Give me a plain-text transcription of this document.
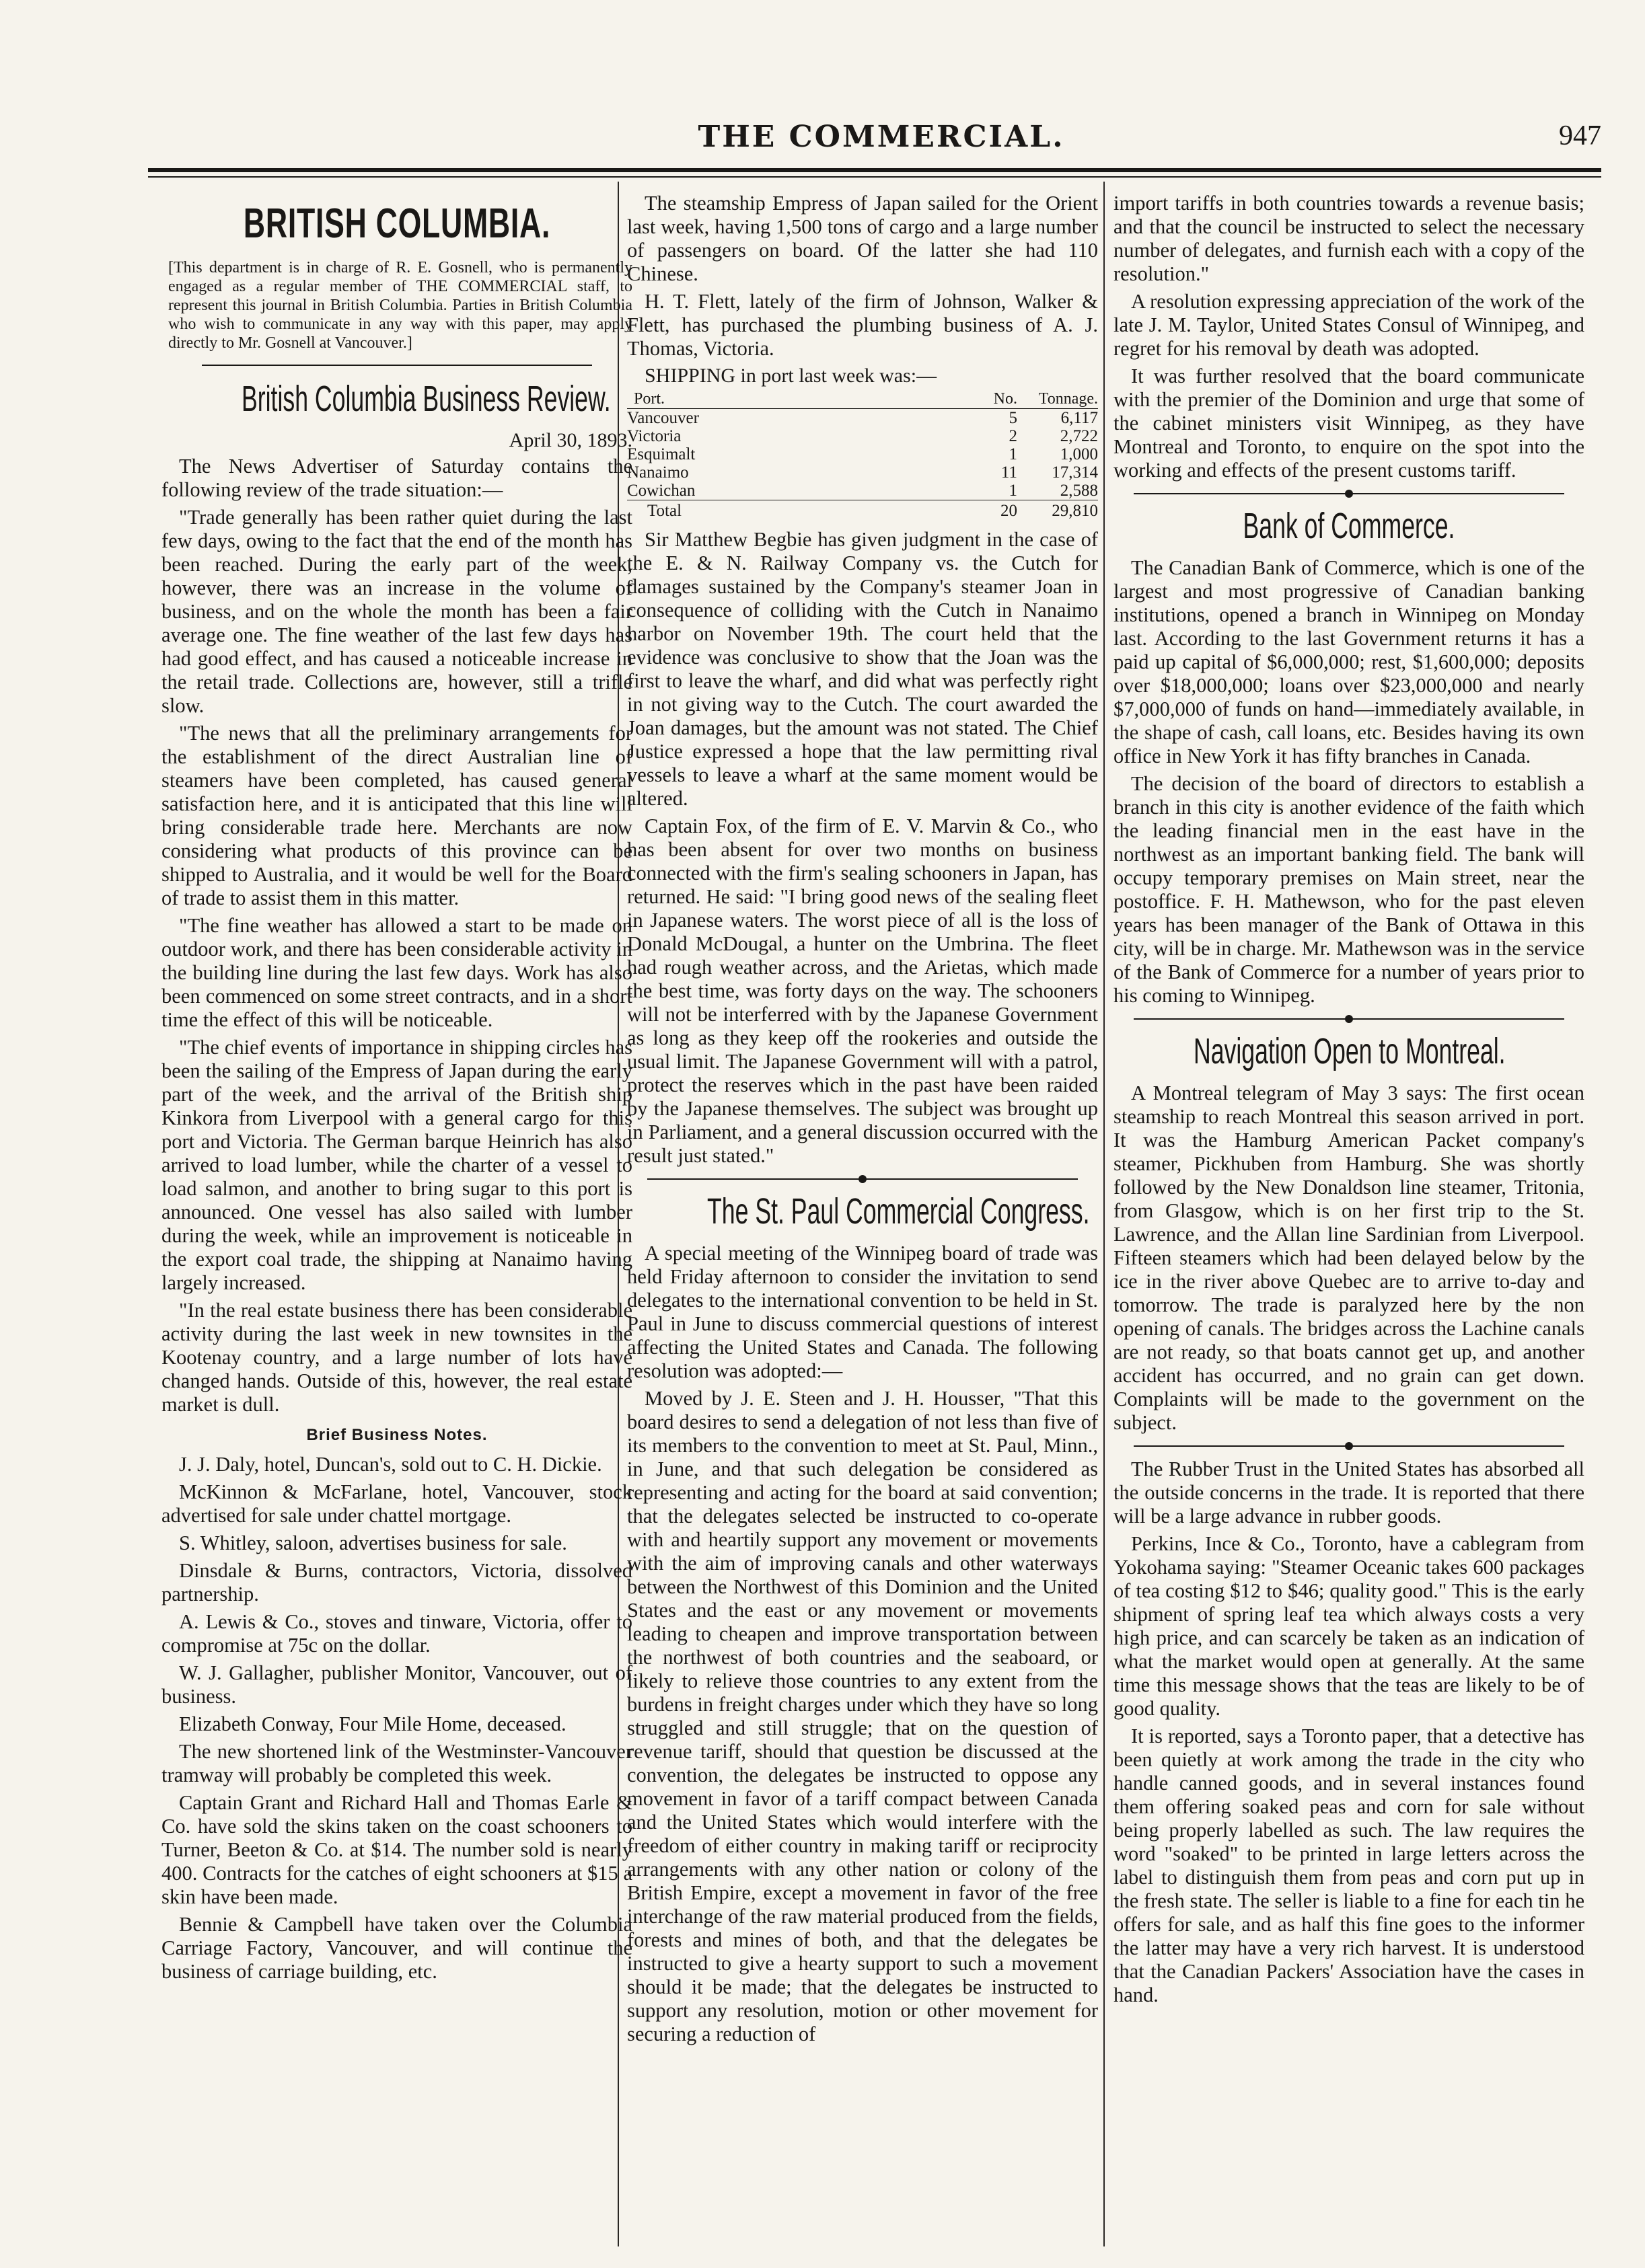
THE COMMERCIAL.	947
BRITISH COLUMBIA.
[This department is in charge of R. E. Gosnell, who is permanently engaged as a regular member of THE COMMERCIAL staff, to represent this journal in British Columbia. Parties in British Columbia who wish to communicate in any way with this paper, may apply directly to Mr. Gosnell at Vancouver.]
British Columbia Business Review.
April 30, 1893.

The News Advertiser of Saturday contains the following review of the trade situation:—

"Trade generally has been rather quiet during the last few days, owing to the fact that the end of the month has been reached. During the early part of the week, however, there was an increase in the volume of business, and on the whole the month has been a fair average one. The fine weather of the last few days has had good effect, and has caused a noticeable increase in the retail trade. Collections are, however, still a trifle slow.

"The news that all the preliminary arrangements for the establishment of the direct Australian line of steamers have been completed, has caused general satisfaction here, and it is anticipated that this line will bring considerable trade here. Merchants are now considering what products of this province can be shipped to Australia, and it would be well for the Board of trade to assist them in this matter.

"The fine weather has allowed a start to be made on outdoor work, and there has been considerable activity in the building line during the last few days. Work has also been commenced on some street contracts, and in a short time the effect of this will be noticeable.

"The chief events of importance in shipping circles has been the sailing of the Empress of Japan during the early part of the week, and the arrival of the British ship Kinkora from Liverpool with a general cargo for this port and Victoria. The German barque Heinrich has also arrived to load lumber, while the charter of a vessel to load salmon, and another to bring sugar to this port is announced. One vessel has also sailed with lumber during the week, while an improvement is noticeable in the export coal trade, the shipping at Nanaimo having largely increased.

"In the real estate business there has been considerable activity during the last week in new townsites in the Kootenay country, and a large number of lots have changed hands. Outside of this, however, the real estate market is dull.

Brief Business Notes.

J. J. Daly, hotel, Duncan's, sold out to C. H. Dickie.

McKinnon & McFarlane, hotel, Vancouver, stock advertised for sale under chattel mortgage.

S. Whitley, saloon, advertises business for sale.

Dinsdale & Burns, contractors, Victoria, dissolved partnership.

A. Lewis & Co., stoves and tinware, Victoria, offer to compromise at 75c on the dollar.

W. J. Gallagher, publisher Monitor, Vancouver, out of business.

Elizabeth Conway, Four Mile Home, deceased.

The new shortened link of the Westminster-Vancouver tramway will probably be completed this week.

Captain Grant and Richard Hall and Thomas Earle & Co. have sold the skins taken on the coast schooners to Turner, Beeton & Co. at $14. The number sold is nearly 400. Contracts for the catches of eight schooners at $15 a skin have been made.

Bennie & Campbell have taken over the Columbia Carriage Factory, Vancouver, and will continue the business of carriage building, etc.

The steamship Empress of Japan sailed for the Orient last week, having 1,500 tons of cargo and a large number of passengers on board. Of the latter she had 110 Chinese.

H. T. Flett, lately of the firm of Johnson, Walker & Flett, has purchased the plumbing business of A. J. Thomas, Victoria.

SHIPPING in port last week was:—
Port.	No.	Tonnage.
Vancouver	5	6,117
Victoria	2	2,722
Esquimalt	1	1,000
Nanaimo	11	17,314
Cowichan	1	2,588
Total	20	29,810

Sir Matthew Begbie has given judgment in the case of the E. & N. Railway Company vs. the Cutch for damages sustained by the Company's steamer Joan in consequence of colliding with the Cutch in Nanaimo harbor on November 19th. The court held that the evidence was conclusive to show that the Joan was the first to leave the wharf, and did what was perfectly right in not giving way to the Cutch. The court awarded the Joan damages, but the amount was not stated. The Chief Justice expressed a hope that the law permitting rival vessels to leave a wharf at the same moment would be altered.

Captain Fox, of the firm of E. V. Marvin & Co., who has been absent for over two months on business connected with the firm's sealing schooners in Japan, has returned. He said: "I bring good news of the sealing fleet in Japanese waters. The worst piece of all is the loss of Donald McDougal, a hunter on the Umbrina. The fleet had rough weather across, and the Arietas, which made the best time, was forty days on the way. The schooners will not be interferred with by the Japanese Government as long as they keep off the rookeries and outside the usual limit. The Japanese Government will with a patrol, protect the reserves which in the past have been raided by the Japanese themselves. The subject was brought up in Parliament, and a general discussion occurred with the result just stated."

The St. Paul Commercial Congress.

A special meeting of the Winnipeg board of trade was held Friday afternoon to consider the invitation to send delegates to the international convention to be held in St. Paul in June to discuss commercial questions of interest affecting the United States and Canada. The following resolution was adopted:—

Moved by J. E. Steen and J. H. Housser, "That this board desires to send a delegation of not less than five of its members to the convention to meet at St. Paul, Minn., in June, and that such delegation be considered as representing and acting for the board at said convention; that the delegates selected be instructed to co-operate with and heartily support any movement or movements with the aim of improving canals and other waterways between the Northwest of this Dominion and the United States and the east or any movement or movements leading to cheapen and improve transportation between the northwest of both countries and the seaboard, or likely to relieve those countries to any extent from the burdens in freight charges under which they have so long struggled and still struggle; that on the question of revenue tariff, should that question be discussed at the convention, the delegates be instructed to oppose any movement in favor of a tariff compact between Canada and the United States which would interfere with the freedom of either country in making tariff or reciprocity arrangements with any other nation or colony of the British Empire, except a movement in favor of the free interchange of the raw material produced from the fields, forests and mines of both, and that the delegates be instructed to give a hearty support to such a movement should it be made; that the delegates be instructed to support any resolution, motion or other movement for securing a reduction of

import tariffs in both countries towards a revenue basis; and that the council be instructed to select the necessary number of delegates, and furnish each with a copy of the resolution."

A resolution expressing appreciation of the work of the late J. M. Taylor, United States Consul of Winnipeg, and regret for his removal by death was adopted.

It was further resolved that the board communicate with the premier of the Dominion and urge that some of the cabinet ministers visit Winnipeg, as they have Montreal and Toronto, to enquire on the spot into the working and effects of the present customs tariff.

Bank of Commerce.

The Canadian Bank of Commerce, which is one of the largest and most progressive of Canadian banking institutions, opened a branch in Winnipeg on Monday last. According to the last Government returns it has a paid up capital of $6,000,000; rest, $1,600,000; deposits over $18,000,000; loans over $23,000,000 and nearly $7,000,000 of funds on hand—immediately available, in the shape of cash, call loans, etc. Besides having its own office in New York it has fifty branches in Canada.

The decision of the board of directors to establish a branch in this city is another evidence of the faith which the leading financial men in the east have in the northwest as an important banking field. The bank will occupy temporary premises on Main street, near the postoffice. F. H. Mathewson, who for the past eleven years has been manager of the Bank of Ottawa in this city, will be in charge. Mr. Mathewson was in the service of the Bank of Commerce for a number of years prior to his coming to Winnipeg.

Navigation Open to Montreal.

A Montreal telegram of May 3 says: The first ocean steamship to reach Montreal this season arrived in port. It was the Hamburg American Packet company's steamer, Pickhuben from Hamburg. She was shortly followed by the New Donaldson line steamer, Tritonia, from Glasgow, which is on her first trip to the St. Lawrence, and the Allan line Sardinian from Liverpool. Fifteen steamers which had been delayed below by the ice in the river above Quebec are to arrive to-day and tomorrow. The trade is paralyzed here by the non opening of canals. The bridges across the Lachine canals are not ready, so that boats cannot get up, and another accident has occurred, and no grain can get down. Complaints will be made to the government on the subject.

The Rubber Trust in the United States has absorbed all the outside concerns in the trade. It is reported that there will be a large advance in rubber goods.

Perkins, Ince & Co., Toronto, have a cablegram from Yokohama saying: "Steamer Oceanic takes 600 packages of tea costing $12 to $46; quality good." This is the early shipment of spring leaf tea which always costs a very high price, and can scarcely be taken as an indication of what the market would open at generally. At the same time this message shows that the teas are likely to be of good quality.

It is reported, says a Toronto paper, that a detective has been quietly at work among the trade in the city who handle canned goods, and in several instances found them offering soaked peas and corn for sale without being properly labelled as such. The law requires the word "soaked" to be printed in large letters across the label to distinguish them from peas and corn put up in the fresh state. The seller is liable to a fine for each tin he offers for sale, and as half this fine goes to the informer the latter may have a very rich harvest. It is understood that the Canadian Packers' Association have the cases in hand.
